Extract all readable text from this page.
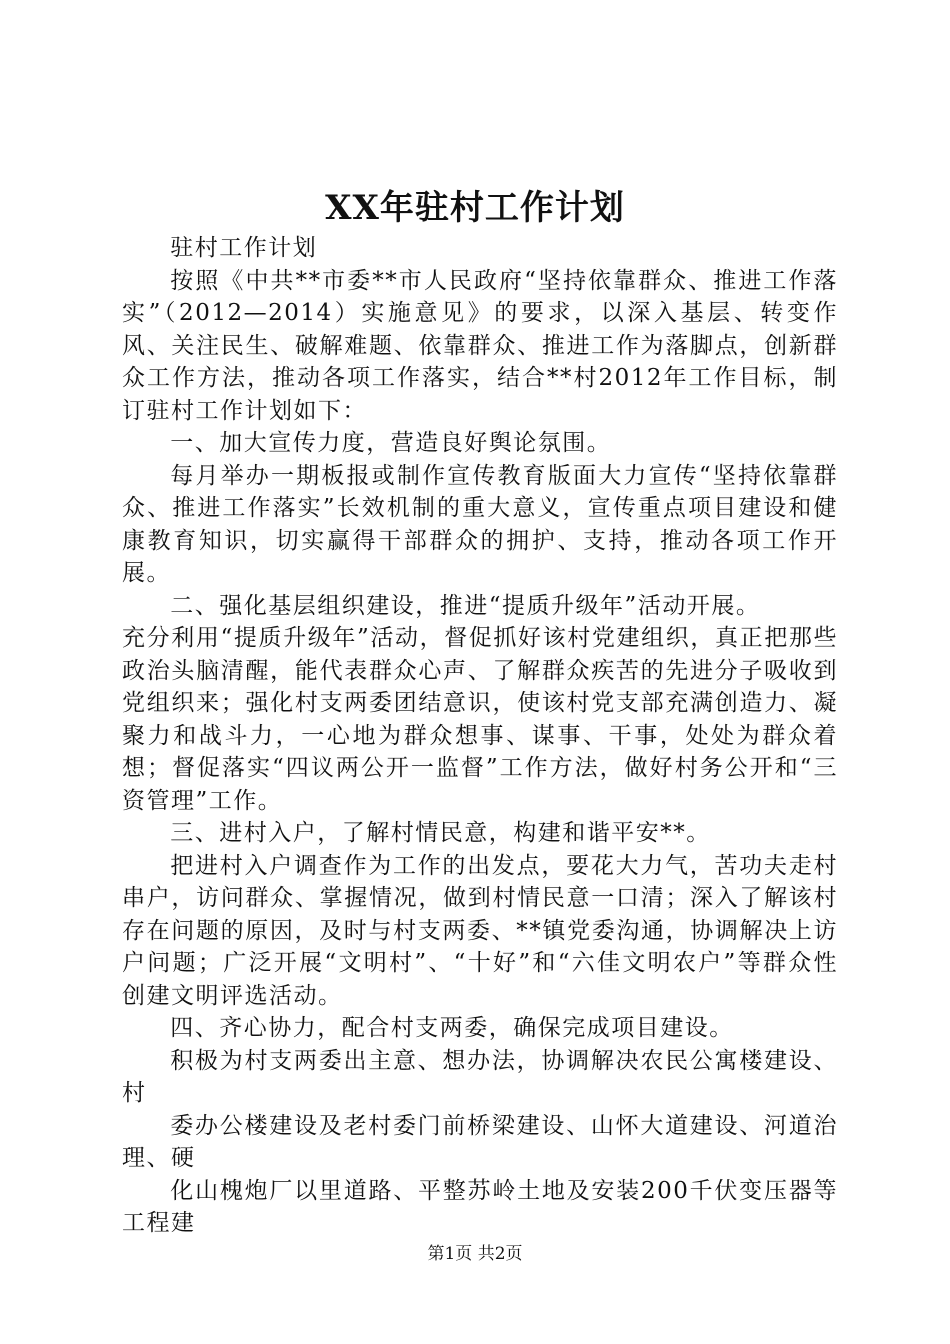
XX年驻村工作计划

驻村工作计划

按照《中共**市委**市人民政府“坚持依靠群众、推进工作落实”（2012—2014）实施意见》的要求，以深入基层、转变作风、关注民生、破解难题、依靠群众、推进工作为落脚点，创新群众工作方法，推动各项工作落实，结合**村2012年工作目标，制订驻村工作计划如下：

一、加大宣传力度，营造良好舆论氛围。

每月举办一期板报或制作宣传教育版面大力宣传“坚持依靠群众、推进工作落实”长效机制的重大意义，宣传重点项目建设和健康教育知识，切实赢得干部群众的拥护、支持，推动各项工作开展。

二、强化基层组织建设，推进“提质升级年”活动开展。

充分利用“提质升级年”活动，督促抓好该村党建组织，真正把那些政治头脑清醒，能代表群众心声、了解群众疾苦的先进分子吸收到党组织来；强化村支两委团结意识，使该村党支部充满创造力、凝聚力和战斗力，一心地为群众想事、谋事、干事，处处为群众着想；督促落实“四议两公开一监督”工作方法，做好村务公开和“三资管理”工作。

三、进村入户，了解村情民意，构建和谐平安**。

把进村入户调查作为工作的出发点，要花大力气，苦功夫走村串户，访问群众、掌握情况，做到村情民意一口清；深入了解该村存在问题的原因，及时与村支两委、**镇党委沟通，协调解决上访户问题；广泛开展“文明村”、“十好”和“六佳文明农户”等群众性创建文明评选活动。

四、齐心协力，配合村支两委，确保完成项目建设。

积极为村支两委出主意、想办法，协调解决农民公寓楼建设、村

委办公楼建设及老村委门前桥梁建设、山怀大道建设、河道治理、硬

化山槐炮厂以里道路、平整苏岭土地及安装200千伏变压器等工程建

第1页 共2页
